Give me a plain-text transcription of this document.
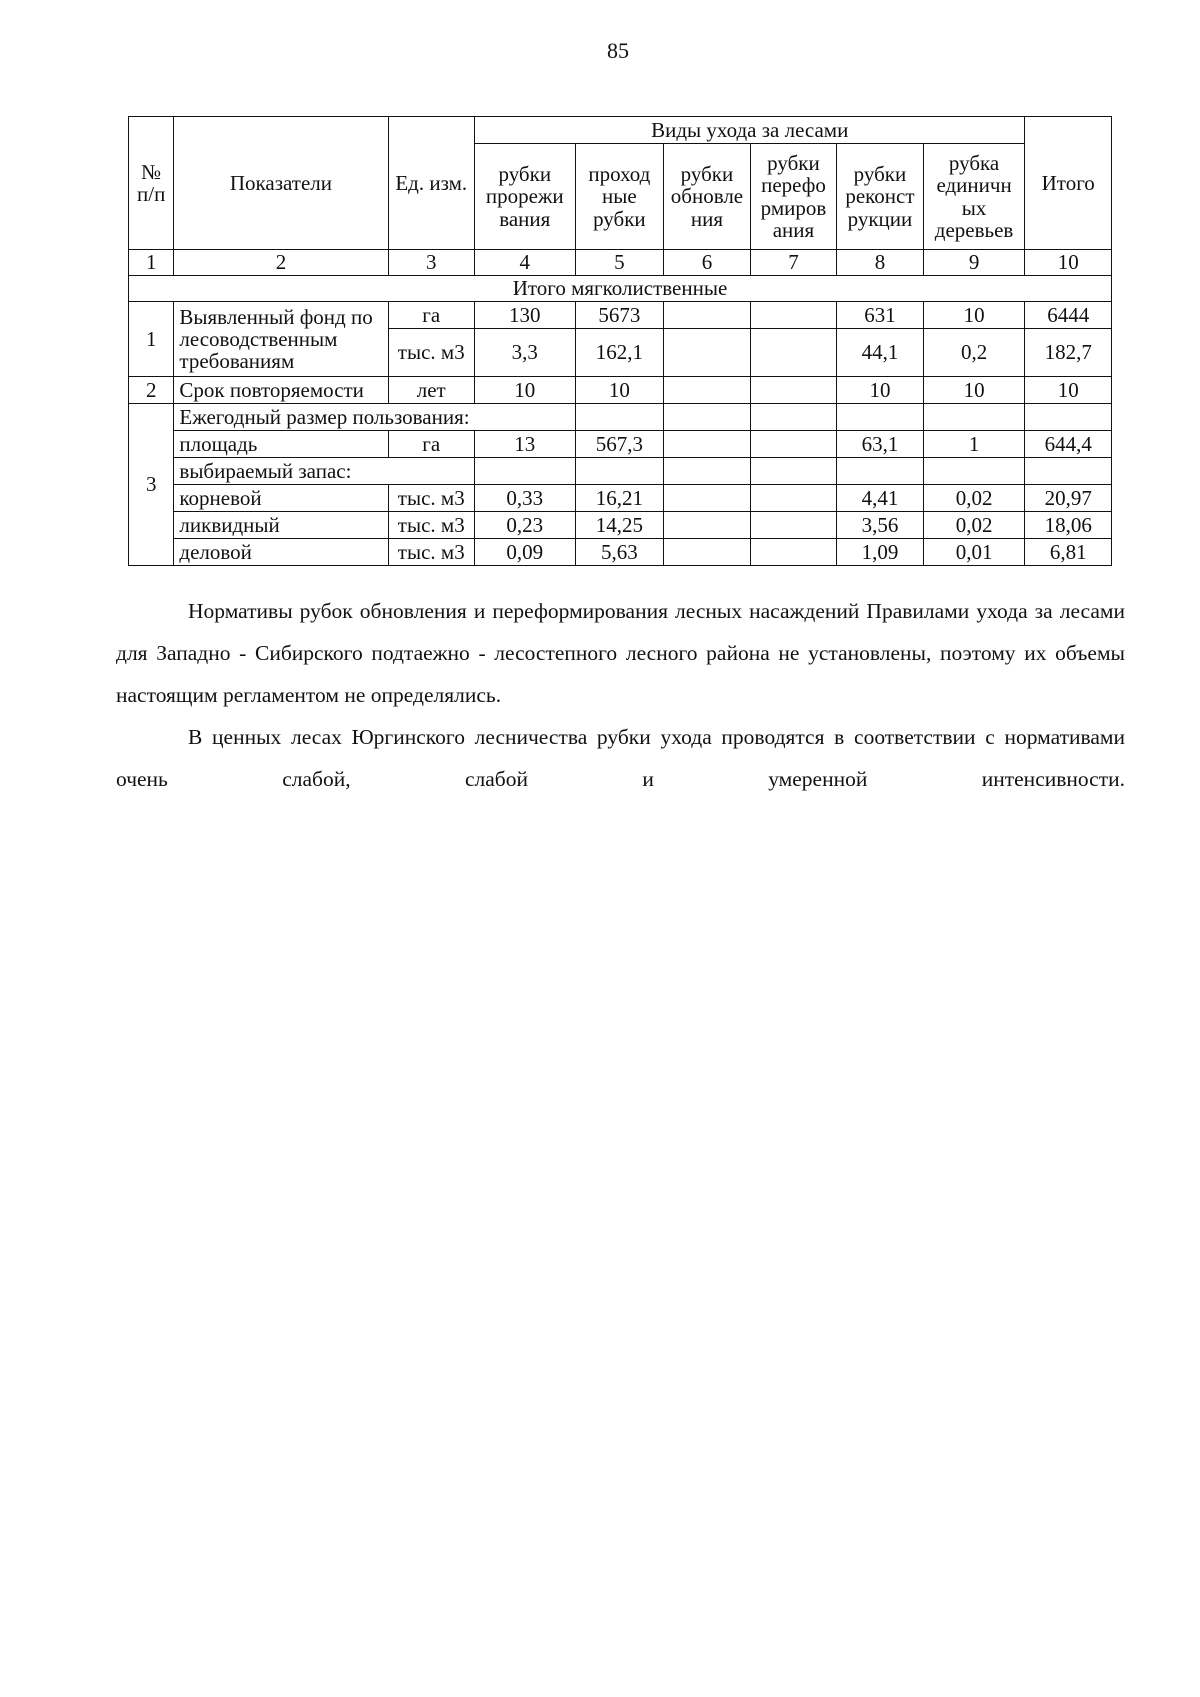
85
№ п/п	Показатели	Ед. изм.	Виды ухода за лесами						Итого
			рубки прорежи вания	проход ные рубки	рубки обновле ния	рубки перефо рмиров ания	рубки реконст рукции	рубка единичн ых деревьев	
1	2	3	4	5	6	7	8	9	10
Итого мягколиственные									
1	Выявленный фонд по лесоводственным требованиям	га	130	5673			631	10	6444
		тыс. м3	3,3	162,1			44,1	0,2	182,7
2	Срок повторяемости	лет	10	10			10	10	10
3	Ежегодный размер пользования:								
	площадь	га	13	567,3			63,1	1	644,4
	выбираемый запас:								
	корневой	тыс. м3	0,33	16,21			4,41	0,02	20,97
	ликвидный	тыс. м3	0,23	14,25			3,56	0,02	18,06
	деловой	тыс. м3	0,09	5,63			1,09	0,01	6,81

Нормативы рубок обновления и переформирования лесных насаждений Правилами ухода за лесами для Западно - Сибирского подтаежно - лесостепного лесного района не установлены, поэтому их объемы настоящим регламентом не определялись.

В ценных лесах Юргинского лесничества рубки ухода проводятся в соответствии с нормативами очень слабой, слабой и умеренной интенсивности.
